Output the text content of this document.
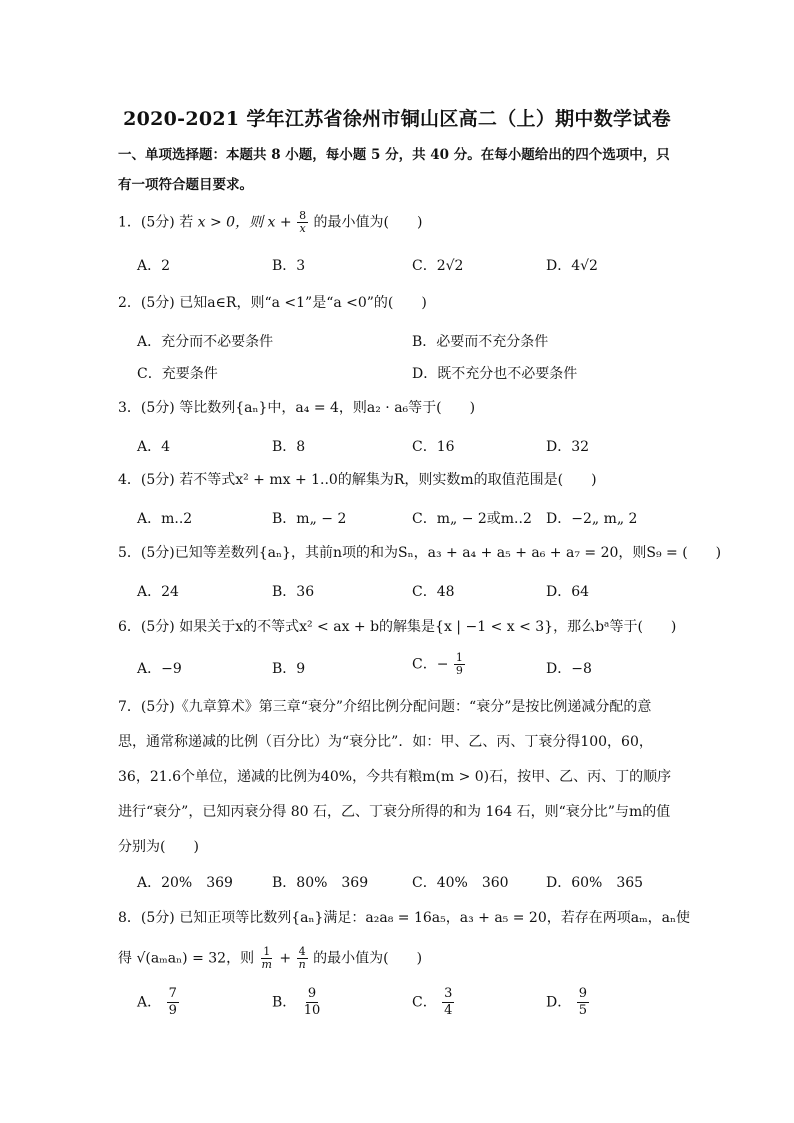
2020-2021 学年江苏省徐州市铜山区高二（上）期中数学试卷
一、单项选择题：本题共 8 小题，每小题 5 分，共 40 分。在每小题给出的四个选项中，只有一项符合题目要求。
1．(5分) 若 x > 0，则 $x + \frac{8}{x}$ 的最小值为(　　)
A．2	B．3	C．2√2	D．4√2
2．(5分) 已知a∈R，则“a <1”是“a <0”的(　　)
A．充分而不必要条件	B．必要而不充分条件
C．充要条件	D．既不充分也不必要条件
3．(5分) 等比数列{aₙ}中，a₄ = 4，则a₂ · a₆等于(　　)
A．4	B．8	C．16	D．32
4．(5分) 若不等式x² + mx + 1..0的解集为R，则实数m的取值范围是(　　)
A．m..2	B．m„ − 2	C．m„ − 2或m..2 D．−2„ m„ 2
5．(5分)已知等差数列{aₙ}，其前n项的和为Sₙ，a₃ + a₄ + a₅ + a₆ + a₇ = 20，则S₉ = (　　)
A．24	B．36	C．48	D．64
6．(5分) 如果关于x的不等式x² < ax + b的解集是{x | −1 < x < 3}，那么bᵃ等于(　　)
A．−9	B．9	C．− $\frac{1}{9}$	D．−8
7．(5分)《九章算术》第三章“衰分”介绍比例分配问题：“衰分”是按比例递减分配的意思，通常称递减的比例（百分比）为“衰分比”．如：甲、乙、丙、丁衰分得100，60，36，21.6个单位，递减的比例为40%，今共有粮m(m > 0)石，按甲、乙、丙、丁的顺序进行“衰分”，已知丙衰分得 80 石，乙、丁衰分所得的和为 164 石，则“衰分比”与m的值分别为(　　)
A．20%　369	B．80%　369	C．40%　360	D．60%　365
8．(5分) 已知正项等比数列{aₙ}满足：a₂a₈ = 16a₅，a₃ + a₅ = 20，若存在两项aₘ，aₙ使
得 √(aₘaₙ) = 32，则 $\frac{1}{m} + \frac{4}{n}$ 的最小值为(　　)
A． $\frac{7}{9}$	B． $\frac{9}{10}$	C． $\frac{3}{4}$	D． $\frac{9}{5}$
